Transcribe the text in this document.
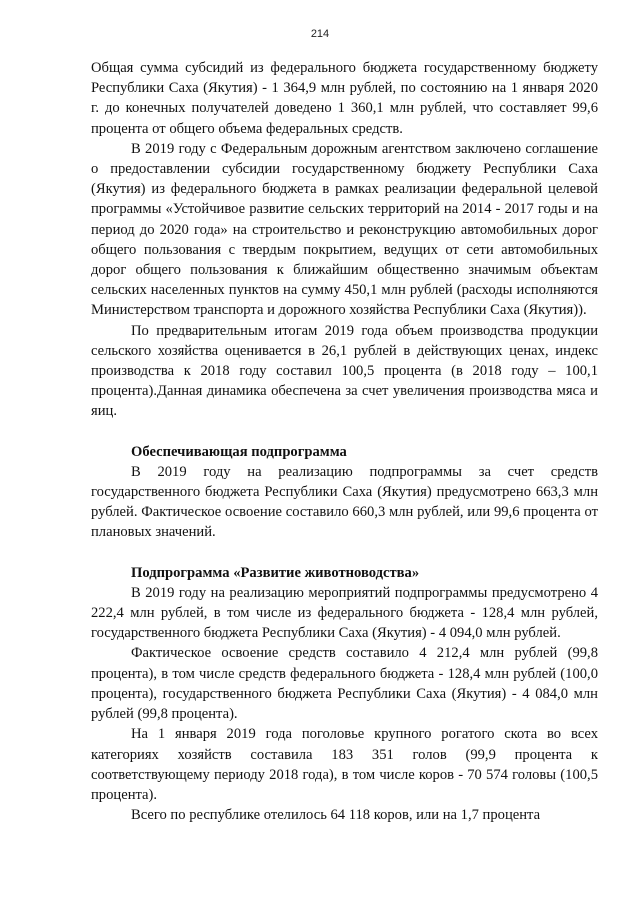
214

Общая сумма субсидий из федерального бюджета государственному бюджету Республики Саха (Якутия) - 1 364,9 млн рублей, по состоянию на 1 января 2020 г. до конечных получателей доведено 1 360,1 млн рублей, что составляет 99,6 процента от общего объема федеральных средств.

В 2019 году с Федеральным дорожным агентством заключено соглашение о предоставлении субсидии государственному бюджету Республики Саха (Якутия) из федерального бюджета в рамках реализации федеральной целевой программы «Устойчивое развитие сельских территорий на 2014 - 2017 годы и на период до 2020 года» на строительство и реконструкцию автомобильных дорог общего пользования с твердым покрытием, ведущих от сети автомобильных дорог общего пользования к ближайшим общественно значимым объектам сельских населенных пунктов на сумму 450,1 млн рублей (расходы исполняются Министерством транспорта и дорожного хозяйства Республики Саха (Якутия)).

По предварительным итогам 2019 года объем производства продукции сельского хозяйства оценивается в 26,1 рублей в действующих ценах, индекс производства к 2018 году составил 100,5 процента (в 2018 году – 100,1 процента).Данная динамика обеспечена за счет увеличения производства мяса и яиц.

Обеспечивающая подпрограмма

В 2019 году на реализацию подпрограммы за счет средств государственного бюджета Республики Саха (Якутия) предусмотрено 663,3 млн рублей. Фактическое освоение составило 660,3 млн рублей, или 99,6 процента от плановых значений.

Подпрограмма «Развитие животноводства»

В 2019 году на реализацию мероприятий подпрограммы предусмотрено 4 222,4 млн рублей, в том числе из федерального бюджета - 128,4 млн рублей, государственного бюджета Республики Саха (Якутия) - 4 094,0 млн рублей.

Фактическое освоение средств составило 4 212,4 млн рублей (99,8 процента), в том числе средств федерального бюджета - 128,4 млн рублей (100,0 процента), государственного бюджета Республики Саха (Якутия) - 4 084,0 млн рублей (99,8 процента).

На 1 января 2019 года поголовье крупного рогатого скота во всех категориях хозяйств составила 183 351 голов (99,9 процента к соответствующему периоду 2018 года), в том числе коров - 70 574 головы (100,5 процента).

Всего по республике отелилось 64 118 коров, или на 1,7 процента
